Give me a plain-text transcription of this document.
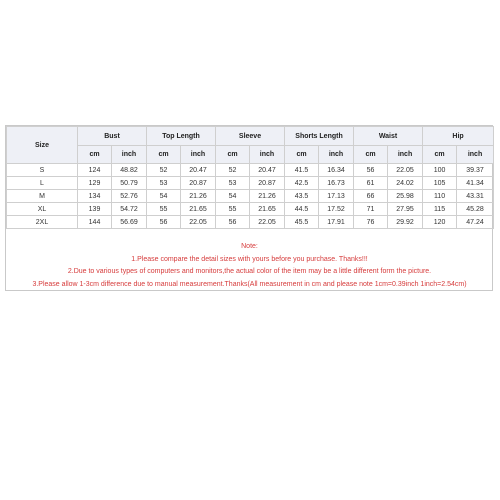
Size	Bust		Top Length		Sleeve		Shorts Length		Waist		Hip	
	cm	inch	cm	inch	cm	inch	cm	inch	cm	inch	cm	inch
S	124	48.82	52	20.47	52	20.47	41.5	16.34	56	22.05	100	39.37
L	129	50.79	53	20.87	53	20.87	42.5	16.73	61	24.02	105	41.34
M	134	52.76	54	21.26	54	21.26	43.5	17.13	66	25.98	110	43.31
XL	139	54.72	55	21.65	55	21.65	44.5	17.52	71	27.95	115	45.28
2XL	144	56.69	56	22.05	56	22.05	45.5	17.91	76	29.92	120	47.24
Note:
1.Please compare the detail sizes with yours before you purchase. Thanks!!!
2.Due to various types of computers and monitors,the actual color of the item may be a little different form the picture.
3.Please allow 1-3cm difference due to manual measurement.Thanks(All measurement in cm and please note 1cm=0.39inch 1inch=2.54cm)
